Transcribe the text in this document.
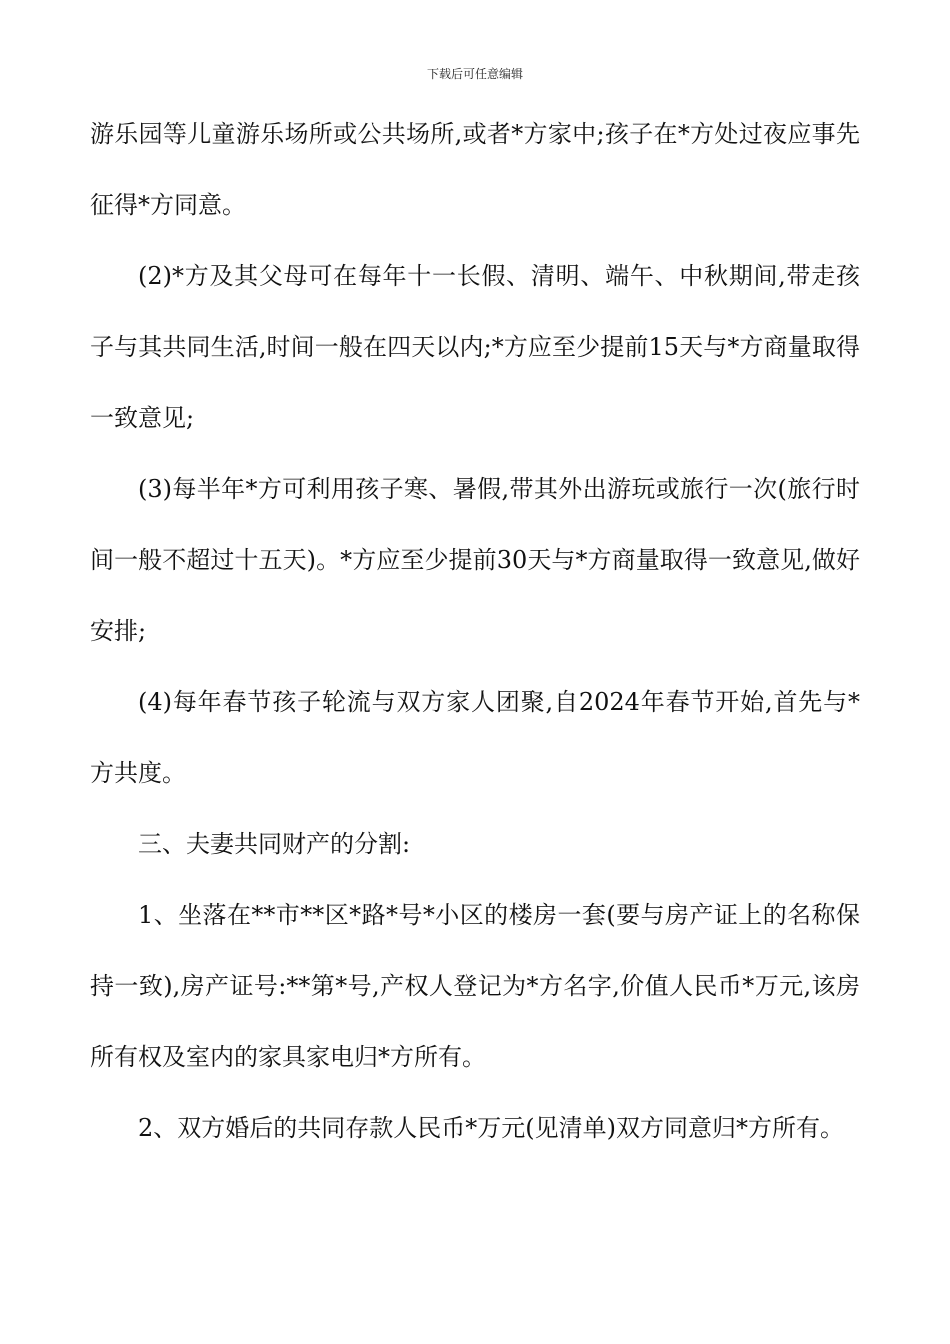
下载后可任意编辑

游乐园等儿童游乐场所或公共场所,或者*方家中;孩子在*方处过夜应事先征得*方同意。

(2)*方及其父母可在每年十一长假、清明、端午、中秋期间,带走孩子与其共同生活,时间一般在四天以内;*方应至少提前15天与*方商量取得一致意见;

(3)每半年*方可利用孩子寒、暑假,带其外出游玩或旅行一次(旅行时间一般不超过十五天)。*方应至少提前30天与*方商量取得一致意见,做好安排;

(4)每年春节孩子轮流与双方家人团聚,自2024年春节开始,首先与*方共度。

三、夫妻共同财产的分割:

1、坐落在**市**区*路*号*小区的楼房一套(要与房产证上的名称保持一致),房产证号:**第*号,产权人登记为*方名字,价值人民币*万元,该房所有权及室内的家具家电归*方所有。

2、双方婚后的共同存款人民币*万元(见清单)双方同意归*方所有。
